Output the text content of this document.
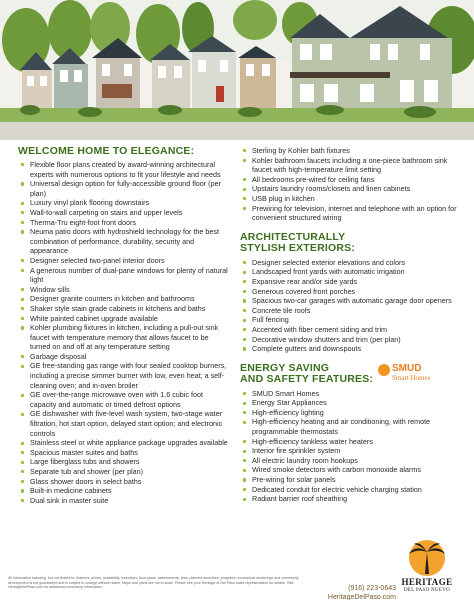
WELCOME HOME TO ELEGANCE:
Flexible floor plans created by award-winning architectural experts with numerous options to fit your lifestyle and needs
Universal design option for fully-accessible ground floor (per plan)
Luxury vinyl plank flooring downstairs
Wall-to-wall carpeting on stairs and upper levels
Therma-Tru eight-foot front doors
Neuma patio doors with hydroshield technology for the best combination of performance, durability, security and appearance
Designer selected two-panel interior doors
A generous number of dual-pane windows for plenty of natural light
Window sills
Designer granite counters in kitchen and bathrooms
Shaker style stain grade cabinets in kitchens and baths
White painted cabinet upgrade available
Kohler plumbing fixtures in kitchen, including a pull-out sink faucet with temperature memory that allows faucet to be turned on and off at any temperature setting
Garbage disposal
GE free-standing gas range with four sealed cooktop burners, including a precise simmer burner with low, even heat; a self-cleaning oven; and in-oven broiler
GE over-the-range microwave oven with 1.6 cubic foot capacity and automatic or timed defrost options
GE dishwasher with five-level wash system, two-stage water filtration, hot start option, delayed start option; and electronic controls
Stainless steel or white appliance package upgrades available
Spacious master suites and baths
Large fiberglass tubs and showers
Separate tub and shower (per plan)
Glass shower doors in select baths
Built-in medicine cabinets
Dual sink in master suite
Sterling by Kohler bath fixtures
Kohler bathroom faucets including a one-piece bathroom sink faucet with high-temperature limit setting
All bedrooms pre-wired for ceiling fans
Upstairs laundry rooms/closets and linen cabinets
USB plug in kitchen
Prewiring for television, internet and telephone with an option for convenient structured wiring
ARCHITECTURALLY
STYLISH EXTERIORS:
Designer selected exterior elevations and colors
Landscaped front yards with automatic irrigation
Expansive rear and/or side yards
Generous covered front porches
Spacious two-car garages with automatic garage door openers
Concrete tile roofs
Full fencing
Accented with fiber cement siding and trim
Decorative window shutters and trim (per plan)
Complete gutters and downspouts
ENERGY SAVING
AND SAFETY FEATURES:
SMUD
Smart Homes
SMUD Smart Homes
Energy Star Appliances
High-efficiency lighting
High-efficiency heating and air conditioning, with remote programmable thermostats
High-efficiency tankless water heaters
Interior fire sprinkler system
All electric laundry room hookups
Wired smoke detectors with carbon monoxide alarms
Pre-wiring for solar panels
Dedicated conduit for electric vehicle charging station
Radiant barrier roof sheathing

All information including, but not limited to, features, prices, availability, incentives, floor plans, assessments, fees, planned amenities, programs, conceptual renderings and community development is not guaranteed and is subject to change without notice. Maps and plans are not to scale. Please see your Heritage at Del Paso sales representative for details. Visit HeritageDelPaso.com for additional community information.	(916) 223-0643
HeritageDelPaso.com
HERITAGE
DEL PASO NUEVO
